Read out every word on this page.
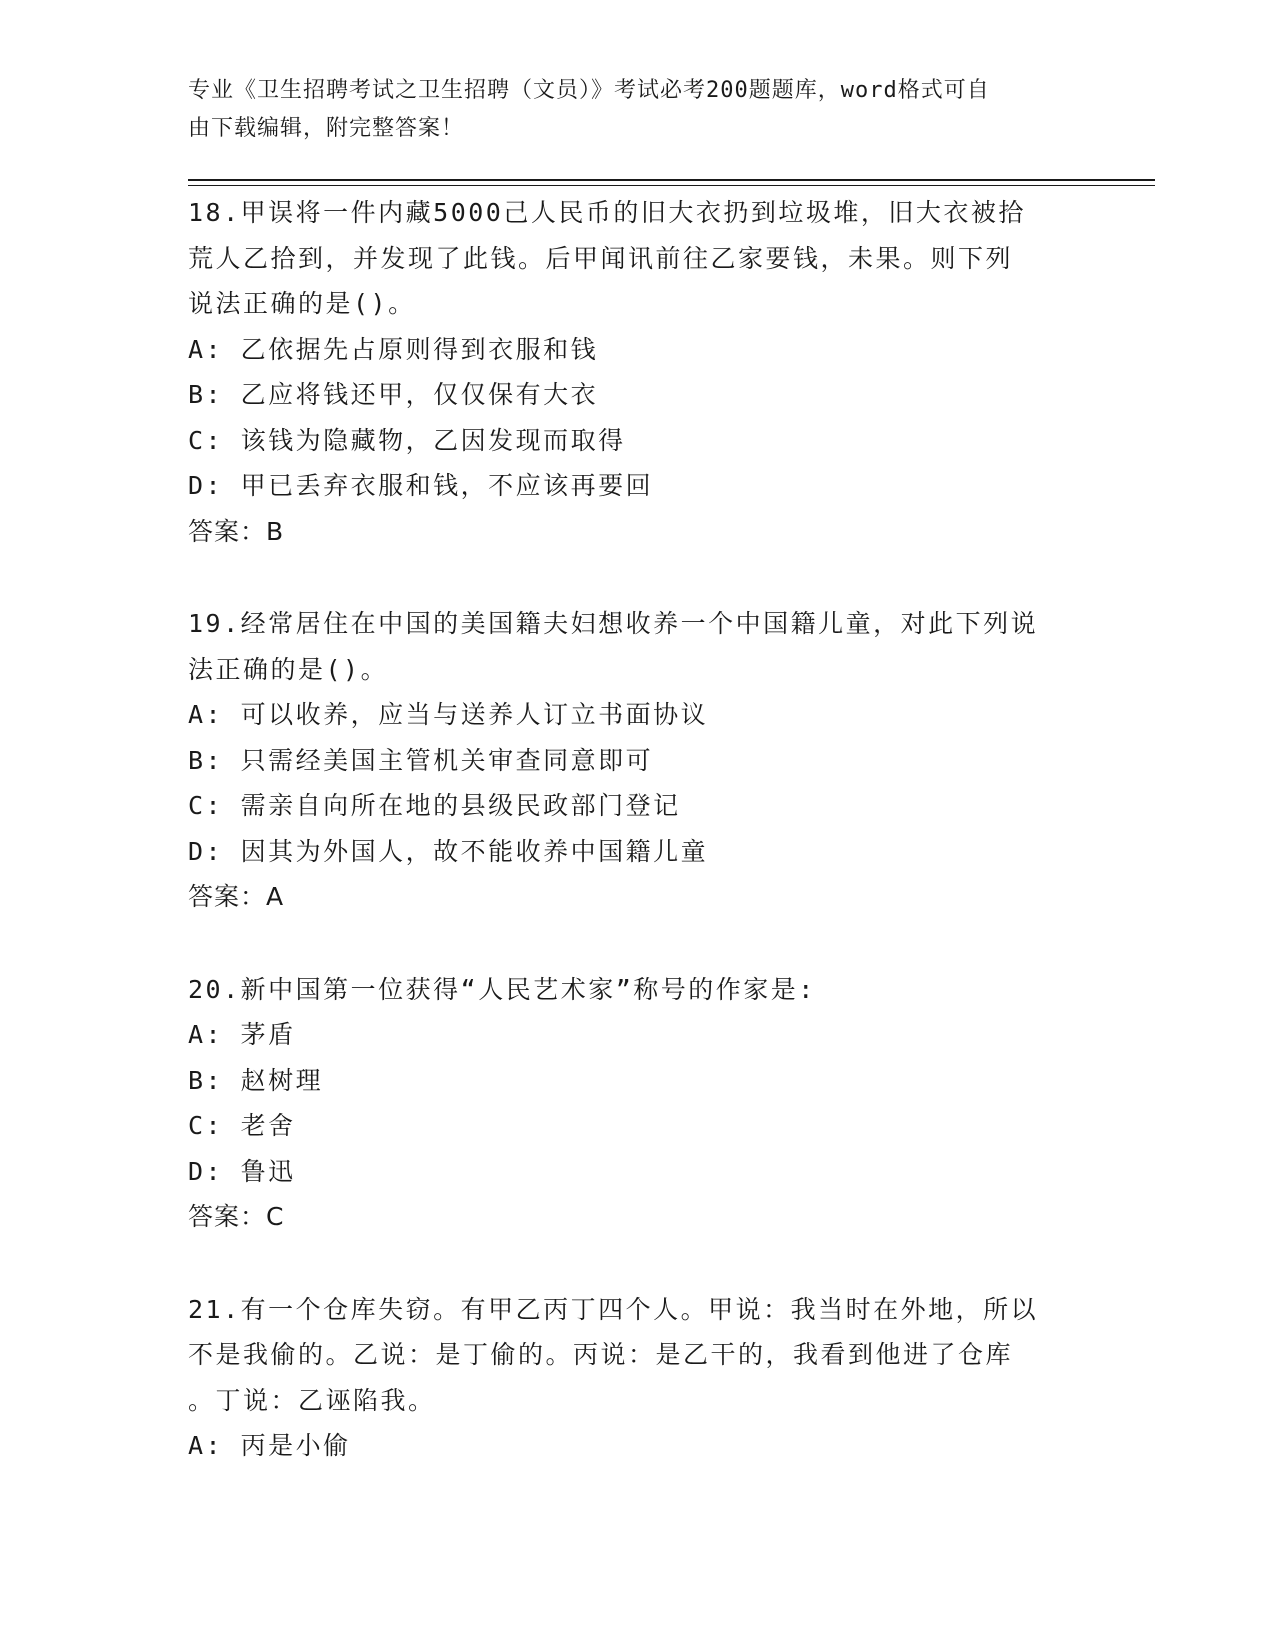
专业《卫生招聘考试之卫生招聘（文员）》考试必考200题题库，word格式可自
由下载编辑，附完整答案！
18.甲误将一件内藏5000己人民币的旧大衣扔到垃圾堆，旧大衣被拾
荒人乙拾到，并发现了此钱。后甲闻讯前往乙家要钱，未果。则下列
说法正确的是()。
A: 乙依据先占原则得到衣服和钱
B: 乙应将钱还甲，仅仅保有大衣
C: 该钱为隐藏物，乙因发现而取得
D: 甲已丢弃衣服和钱，不应该再要回
答案：B
19.经常居住在中国的美国籍夫妇想收养一个中国籍儿童，对此下列说
法正确的是()。
A: 可以收养，应当与送养人订立书面协议
B: 只需经美国主管机关审查同意即可
C: 需亲自向所在地的县级民政部门登记
D: 因其为外国人，故不能收养中国籍儿童
答案：A
20.新中国第一位获得“人民艺术家”称号的作家是:
A: 茅盾
B: 赵树理
C: 老舍
D: 鲁迅
答案：C
21.有一个仓库失窃。有甲乙丙丁四个人。甲说：我当时在外地，所以
不是我偷的。乙说：是丁偷的。丙说：是乙干的，我看到他进了仓库
。丁说：乙诬陷我。
A: 丙是小偷
